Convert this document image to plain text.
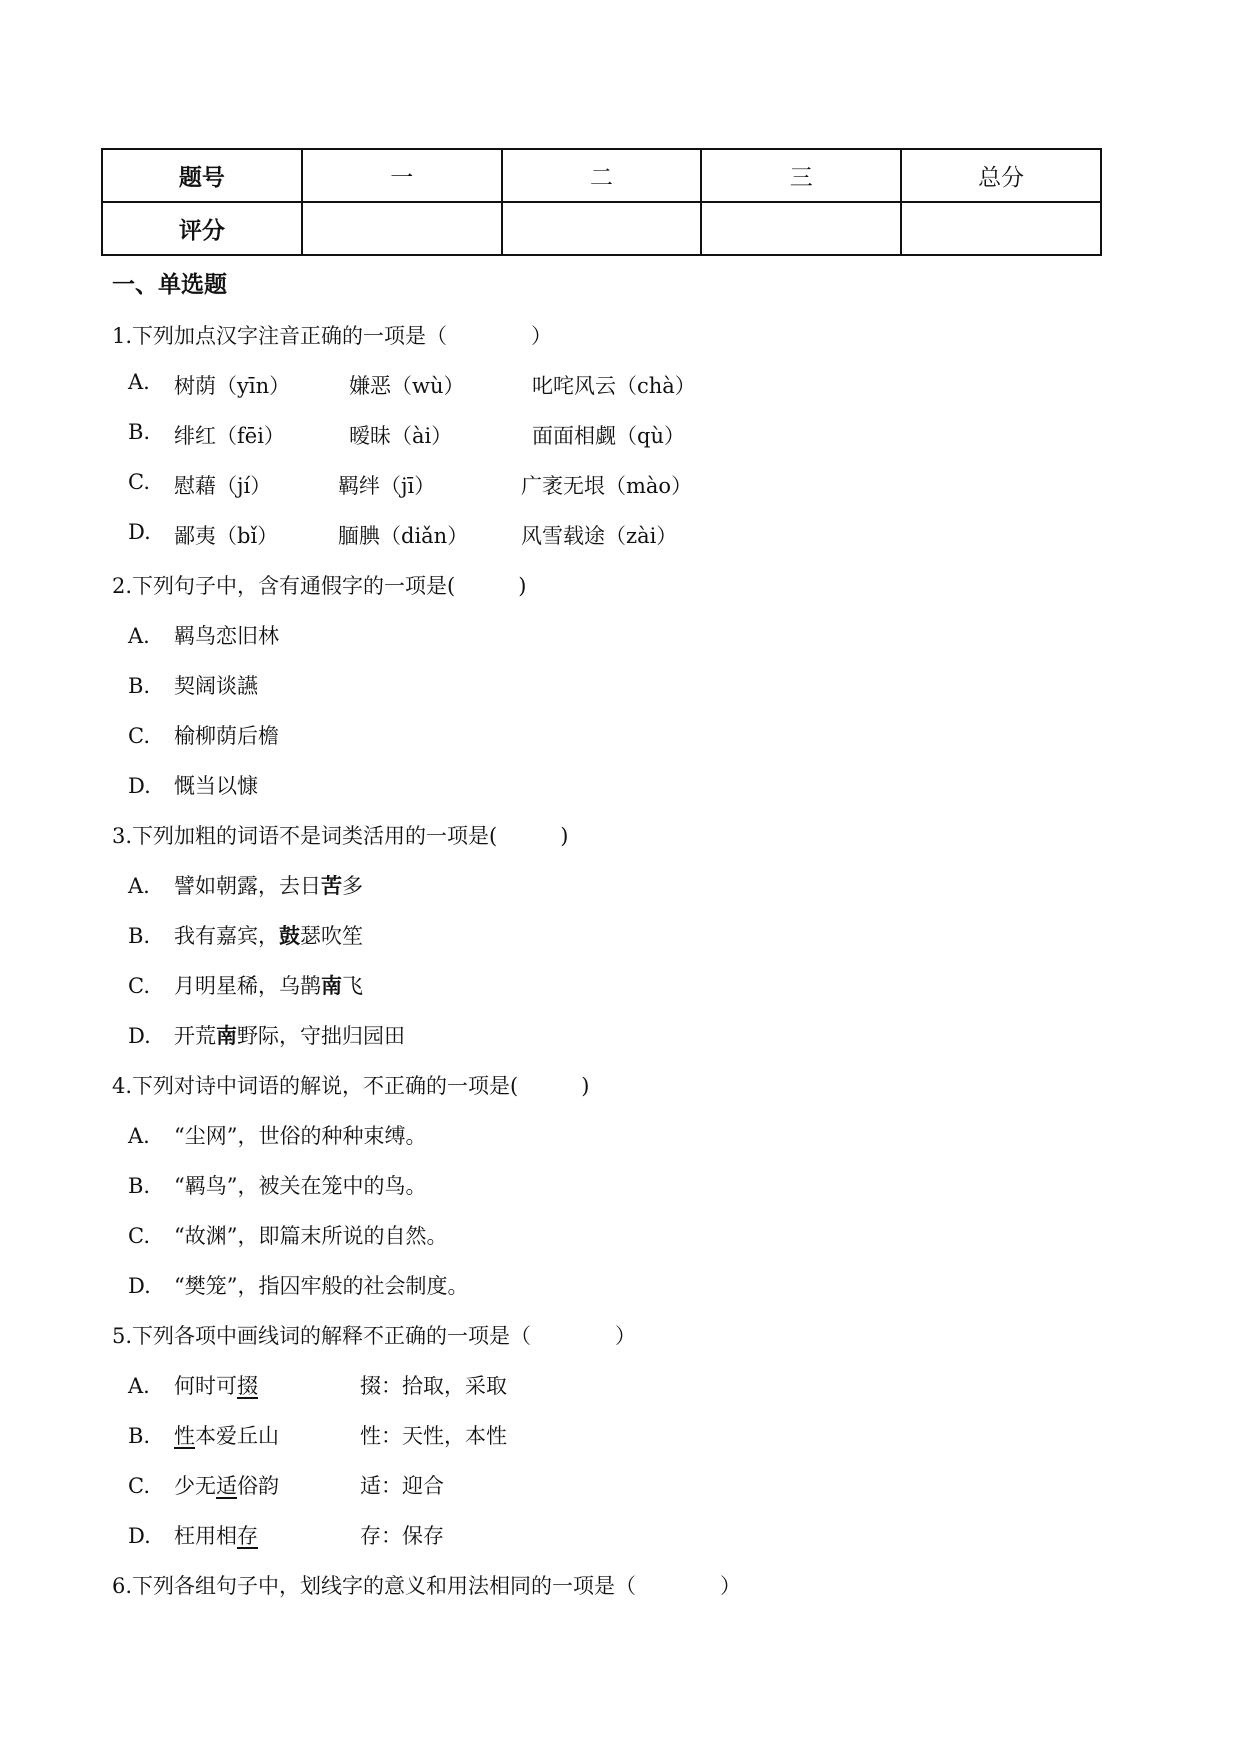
题号	一	二	三	总分
评分				
一、单选题
1.下列加点汉字注音正确的一项是（　　　　）
A. 树荫（yīn）	嫌恶（wù）	叱咤风云（chà）
B. 绯红（fēi）	暧昧（ài）	面面相觑（qù）
C. 慰藉（jí）	羁绊（jī）	广袤无垠（mào）
D. 鄙夷（bǐ）	腼腆（diǎn）	风雪载途（zài）
2.下列句子中，含有通假字的一项是(　　　)
A. 羁鸟恋旧林
B. 契阔谈讌
C. 榆柳荫后檐
D. 慨当以慷
3.下列加粗的词语不是词类活用的一项是(　　　)
A. 譬如朝露，去日苦多
B. 我有嘉宾，鼓瑟吹笙
C. 月明星稀，乌鹊南飞
D. 开荒南野际，守拙归园田
4.下列对诗中词语的解说，不正确的一项是(　　　)
A. “尘网”，世俗的种种束缚。
B. “羁鸟”，被关在笼中的鸟。
C. “故渊”，即篇末所说的自然。
D. “樊笼”，指囚牢般的社会制度。
5.下列各项中画线词的解释不正确的一项是（　　　　）
A. 何时可掇	掇：拾取，采取
B. 性本爱丘山	性：天性，本性
C. 少无适俗韵	适：迎合
D. 枉用相存	存：保存
6.下列各组句子中，划线字的意义和用法相同的一项是（　　　　）
